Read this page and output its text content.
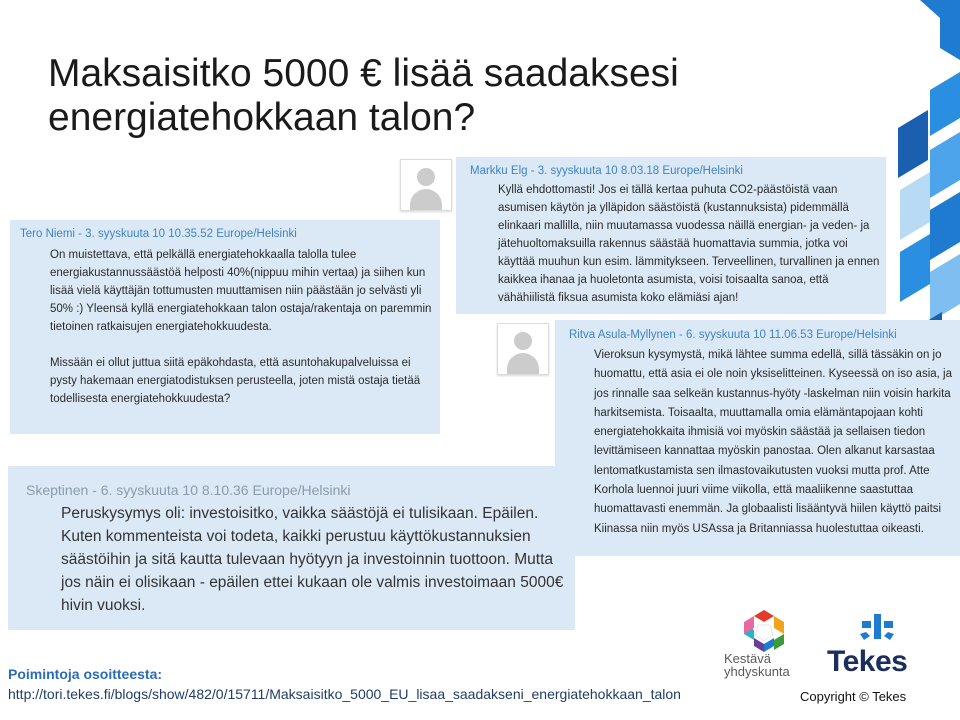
Maksaisitko 5000 € lisää saadaksesi energiatehokkaan talon?
Tero Niemi - 3. syyskuuta 10 10.35.52 Europe/Helsinki

On muistettava, että pelkällä energiatehokkaalla talolla tulee energiakustannussäästöä helposti 40%(nippuu mihin vertaa) ja siihen kun lisää vielä käyttäjän tottumusten muuttamisen niin päästään jo selvästi yli 50% :) Yleensä kyllä energiatehokkaan talon ostaja/rakentaja on paremmin tietoinen ratkaisujen energiatehokkuudesta.

Missään ei ollut juttua siitä epäkohdasta, että asuntohakupalveluissa ei pysty hakemaan energiatodistuksen perusteella, joten mistä ostaja tietää todellisesta energiatehokkuudesta?

Markku Elg - 3. syyskuuta 10 8.03.18 Europe/Helsinki
Kyllä ehdottomasti! Jos ei tällä kertaa puhuta CO2-päästöistä vaan asumisen käytön ja ylläpidon säästöistä (kustannuksista) pidemmällä elinkaari mallilla, niin muutamassa vuodessa näillä energian- ja veden- ja jätehuoltomaksuilla rakennus säästää huomattavia summia, jotka voi käyttää muuhun kun esim. lämmitykseen. Terveellinen, turvallinen ja ennen kaikkea ihanaa ja huoletonta asumista, voisi toisaalta sanoa, että vähähiilistä fiksua asumista koko elämiäsi ajan!
Ritva Asula-Myllynen - 6. syyskuuta 10 11.06.53 Europe/Helsinki
Vieroksun kysymystä, mikä lähtee summa edellä, sillä tässäkin on jo huomattu, että asia ei ole noin yksiselitteinen. Kyseessä on iso asia, ja jos rinnalle saa selkeän kustannus-hyöty -laskelman niin voisin harkita harkitsemista. Toisaalta, muuttamalla omia elämäntapojaan kohti energiatehokkaita ihmisiä voi myöskin säästää ja sellaisen tiedon levittämiseen kannattaa myöskin panostaa. Olen alkanut karsastaa lentomatkustamista sen ilmastovaikutusten vuoksi mutta prof. Atte Korhola luennoi juuri viime viikolla, että maaliikenne saastuttaa huomattavasti enemmän. Ja globaalisti lisääntyvä hiilen käyttö paitsi Kiinassa niin myös USAssa ja Britanniassa huolestuttaa oikeasti.
Skeptinen - 6. syyskuuta 10 8.10.36 Europe/Helsinki
Peruskysymys oli: investoisitko, vaikka säästöjä ei tulisikaan. Epäilen. Kuten kommenteista voi todeta, kaikki perustuu käyttökustannuksien säästöihin ja sitä kautta tulevaan hyötyyn ja investoinnin tuottoon. Mutta jos näin ei olisikaan - epäilen ettei kukaan ole valmis investoimaan 5000€ hivin vuoksi.
Poimintoja osoitteesta:
http://tori.tekes.fi/blogs/show/482/0/15711/Maksaisitko_5000_EU_lisaa_saadakseni_energiatehokkaan_talon
Kestävä
yhdyskunta Tekes
Copyright © Tekes
